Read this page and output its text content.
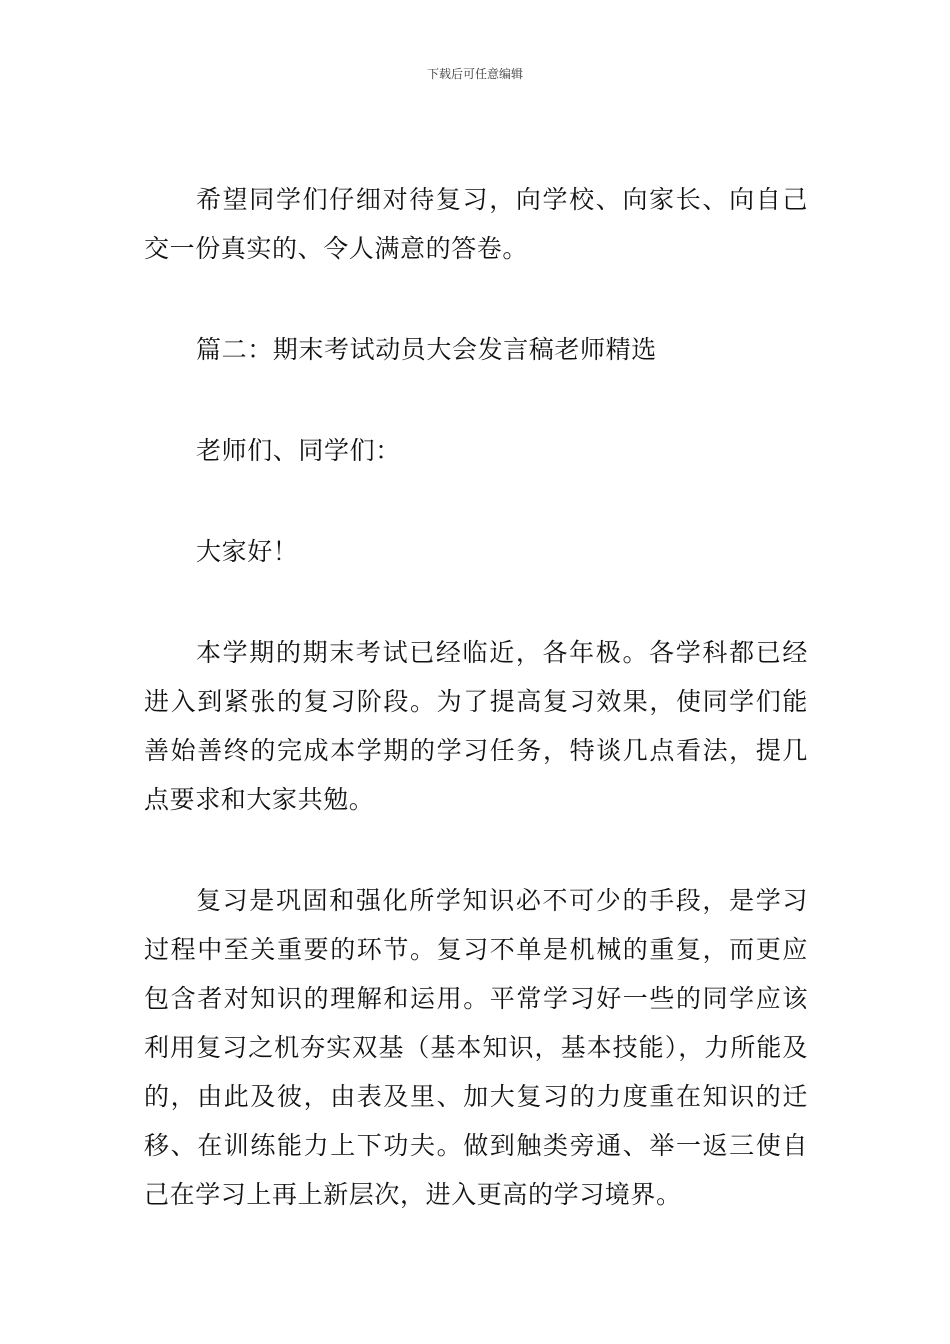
下载后可任意编辑

希望同学们仔细对待复习，向学校、向家长、向自己交一份真实的、令人满意的答卷。

篇二：期末考试动员大会发言稿老师精选

老师们、同学们：

大家好！

本学期的期末考试已经临近，各年极。各学科都已经进入到紧张的复习阶段。为了提高复习效果，使同学们能善始善终的完成本学期的学习任务，特谈几点看法，提几点要求和大家共勉。

复习是巩固和强化所学知识必不可少的手段，是学习过程中至关重要的环节。复习不单是机械的重复，而更应包含者对知识的理解和运用。平常学习好一些的同学应该利用复习之机夯实双基（基本知识，基本技能），力所能及的，由此及彼，由表及里、加大复习的力度重在知识的迁移、在训练能力上下功夫。做到触类旁通、举一返三使自己在学习上再上新层次，进入更高的学习境界。
